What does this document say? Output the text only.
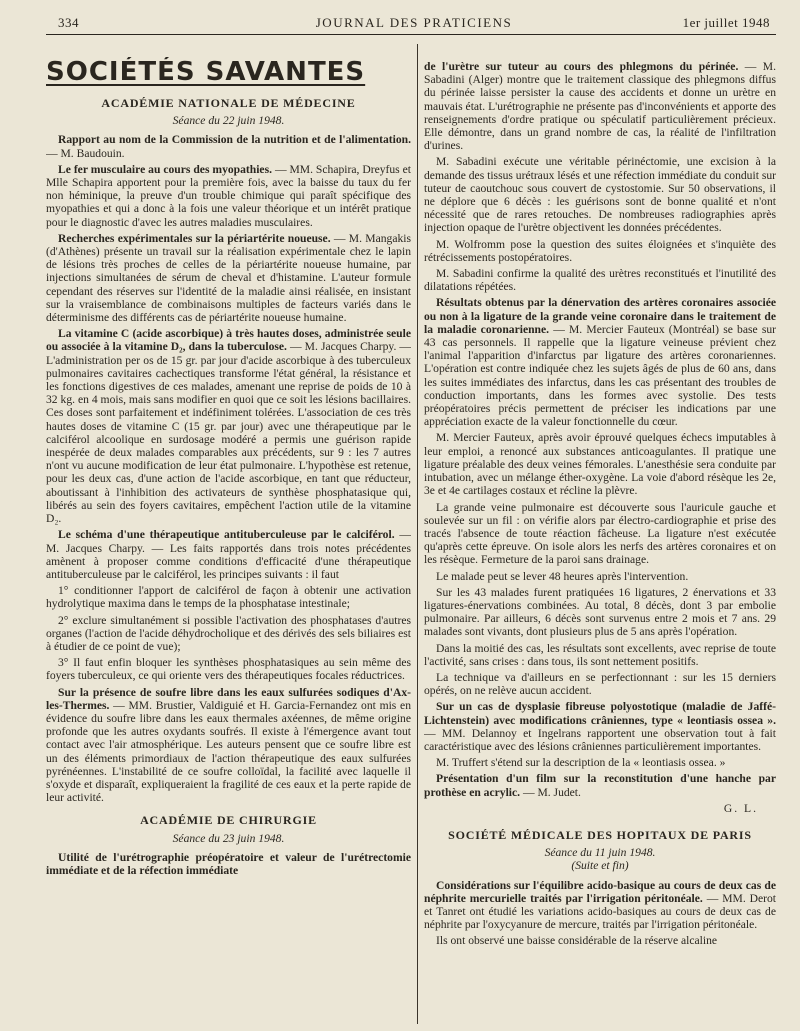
334	JOURNAL DES PRATICIENS	1er juillet 1948
SOCIÉTÉS SAVANTES
ACADÉMIE NATIONALE DE MÉDECINE
Séance du 22 juin 1948.

Rapport au nom de la Commission de la nutrition et de l'alimentation. — M. Baudouin.

Le fer musculaire au cours des myopathies. — MM. Schapira, Dreyfus et Mlle Schapira apportent pour la première fois, avec la baisse du taux du fer non héminique, la preuve d'un trouble chimique qui paraît spécifique des myopathies et qui a donc à la fois une valeur théorique et un intérêt pratique pour le diagnostic d'avec les autres maladies musculaires.

Recherches expérimentales sur la périartérite noueuse. — M. Mangakis (d'Athènes) présente un travail sur la réalisation expérimentale chez le lapin de lésions très proches de celles de la périartérite noueuse humaine, par injections simultanées de sérum de cheval et d'histamine. L'auteur formule cependant des réserves sur l'identité de la maladie ainsi réalisée, en insistant sur la vraisemblance de combinaisons multiples de facteurs variés dans le déterminisme des différents cas de périartérite noueuse humaine.

La vitamine C (acide ascorbique) à très hautes doses, administrée seule ou associée à la vitamine D₂, dans la tuberculose. — M. Jacques Charpy. — L'administration per os de 15 gr. par jour d'acide ascorbique à des tuberculeux pulmonaires cavitaires cachectiques transforme l'état général, la résistance et les fonctions digestives de ces malades, amenant une reprise de poids de 10 à 32 kg. en 4 mois, mais sans modifier en quoi que ce soit les lésions bacillaires. Ces doses sont parfaitement et indéfiniment tolérées. L'association de ces très hautes doses de vitamine C (15 gr. par jour) avec une thérapeutique par le calciférol alcoolique en surdosage modéré a permis une guérison rapide inespérée de deux malades comparables aux précédents, sur 9 : les 7 autres n'ont vu aucune modification de leur état pulmonaire. L'hypothèse est retenue, pour les deux cas, d'une action de l'acide ascorbique, en tant que réducteur, aboutissant à l'inhibition des activateurs de synthèse phosphatasique qui, libérés au sein des foyers cavitaires, empêchent l'action utile de la vitamine D₂.

Le schéma d'une thérapeutique antituberculeuse par le calciférol. — M. Jacques Charpy. — Les faits rapportés dans trois notes précédentes amènent à proposer comme conditions d'efficacité d'une thérapeutique antituberculeuse par le calciférol, les principes suivants : il faut

1° conditionner l'apport de calciférol de façon à obtenir une activation hydrolytique maxima dans le temps de la phosphatase intestinale;

2° exclure simultanément si possible l'activation des phosphatases d'autres organes (l'action de l'acide déhydrocholique et des dérivés des sels biliaires est à étudier de ce point de vue);

3° Il faut enfin bloquer les synthèses phosphatasiques au sein même des foyers tuberculeux, ce qui oriente vers des thérapeutiques focales réductrices.

Sur la présence de soufre libre dans les eaux sulfurées sodiques d'Ax-les-Thermes. — MM. Brustier, Valdiguié et H. Garcia-Fernandez ont mis en évidence du soufre libre dans les eaux thermales axéennes, de même origine profonde que les autres oxydants soufrés. Il existe à l'émergence avant tout contact avec l'air atmosphérique. Les auteurs pensent que ce soufre libre est un des éléments primordiaux de l'action thérapeutique des eaux sulfurées pyrénéennes. L'instabilité de ce soufre colloïdal, la facilité avec laquelle il s'oxyde et disparaît, expliqueraient la fragilité de ces eaux et la perte rapide de leur activité.

ACADÉMIE DE CHIRURGIE
Séance du 23 juin 1948.

Utilité de l'urétrographie préopératoire et valeur de l'urétrectomie immédiate et de la réfection immédiate

de l'urètre sur tuteur au cours des phlegmons du périnée. — M. Sabadini (Alger) montre que le traitement classique des phlegmons diffus du périnée laisse persister la cause des accidents et donne un urètre en mauvais état. L'urétrographie ne présente pas d'inconvénients et apporte des renseignements d'ordre pratique ou spéculatif particulièrement précieux. Elle démontre, dans un grand nombre de cas, la réalité de l'infiltration d'urines.

M. Sabadini exécute une véritable périnéctomie, une excision à la demande des tissus urétraux lésés et une réfection immédiate du conduit sur tuteur de caoutchouc sous couvert de cystostomie. Sur 50 observations, il ne déplore que 6 décès : les guérisons sont de bonne qualité et n'ont nécessité que de rares retouches. De nombreuses radiographies après injection opaque de l'urètre objectivent les données précédentes.

M. Wolfromm pose la question des suites éloignées et s'inquiète des rétrécissements postopératoires.

M. Sabadini confirme la qualité des urètres reconstitués et l'inutilité des dilatations répétées.

Résultats obtenus par la dénervation des artères coronaires associée ou non à la ligature de la grande veine coronaire dans le traitement de la maladie coronarienne. — M. Mercier Fauteux (Montréal) se base sur 43 cas personnels. Il rappelle que la ligature veineuse prévient chez l'animal l'apparition d'infarctus par ligature des artères coronariennes. L'opération est contre indiquée chez les sujets âgés de plus de 60 ans, dans les suites immédiates des infarctus, dans les cas présentant des troubles de conduction importants, dans les formes avec systolie. Des tests préopératoires précis permettent de préciser les indications par une appréciation exacte de la valeur fonctionnelle du cœur.

M. Mercier Fauteux, après avoir éprouvé quelques échecs imputables à leur emploi, a renoncé aux substances anticoagulantes. Il pratique une ligature préalable des deux veines fémorales. L'anesthésie sera conduite par intubation, avec un mélange éther-oxygène. La voie d'abord résèque les 2e, 3e et 4e cartilages costaux et récline la plèvre.

La grande veine pulmonaire est découverte sous l'auricule gauche et soulevée sur un fil : on vérifie alors par électro-cardiographie et prise des tracés l'absence de toute réaction fâcheuse. La ligature n'est exécutée qu'après cette épreuve. On isole alors les nerfs des artères coronaires et on les résèque. Fermeture de la paroi sans drainage.

Le malade peut se lever 48 heures après l'intervention.

Sur les 43 malades furent pratiquées 16 ligatures, 2 énervations et 33 ligatures-énervations combinées. Au total, 8 décès, dont 3 par embolie pulmonaire. Par ailleurs, 6 décès sont survenus entre 2 mois et 7 ans. 29 malades sont vivants, dont plusieurs plus de 5 ans après l'opération.

Dans la moitié des cas, les résultats sont excellents, avec reprise de toute l'activité, sans crises : dans tous, ils sont nettement positifs.

La technique va d'ailleurs en se perfectionnant : sur les 15 derniers opérés, on ne relève aucun accident.

Sur un cas de dysplasie fibreuse polyostotique (maladie de Jaffé-Lichtenstein) avec modifications crâniennes, type « leontiasis ossea ». — MM. Delannoy et Ingelrans rapportent une observation tout à fait caractéristique avec des lésions crâniennes particulièrement importantes.

M. Truffert s'étend sur la description de la « leontiasis ossea. »

Présentation d'un film sur la reconstitution d'une hanche par prothèse en acrylic. — M. Judet.

G. L.
SOCIÉTÉ MÉDICALE DES HOPITAUX DE PARIS
Séance du 11 juin 1948.
(Suite et fin)

Considérations sur l'équilibre acido-basique au cours de deux cas de néphrite mercurielle traités par l'irrigation péritonéale. — MM. Derot et Tanret ont étudié les variations acido-basiques au cours de deux cas de néphrite par l'oxycyanure de mercure, traités par l'irrigation péritonéale.

Ils ont observé une baisse considérable de la réserve alcaline
